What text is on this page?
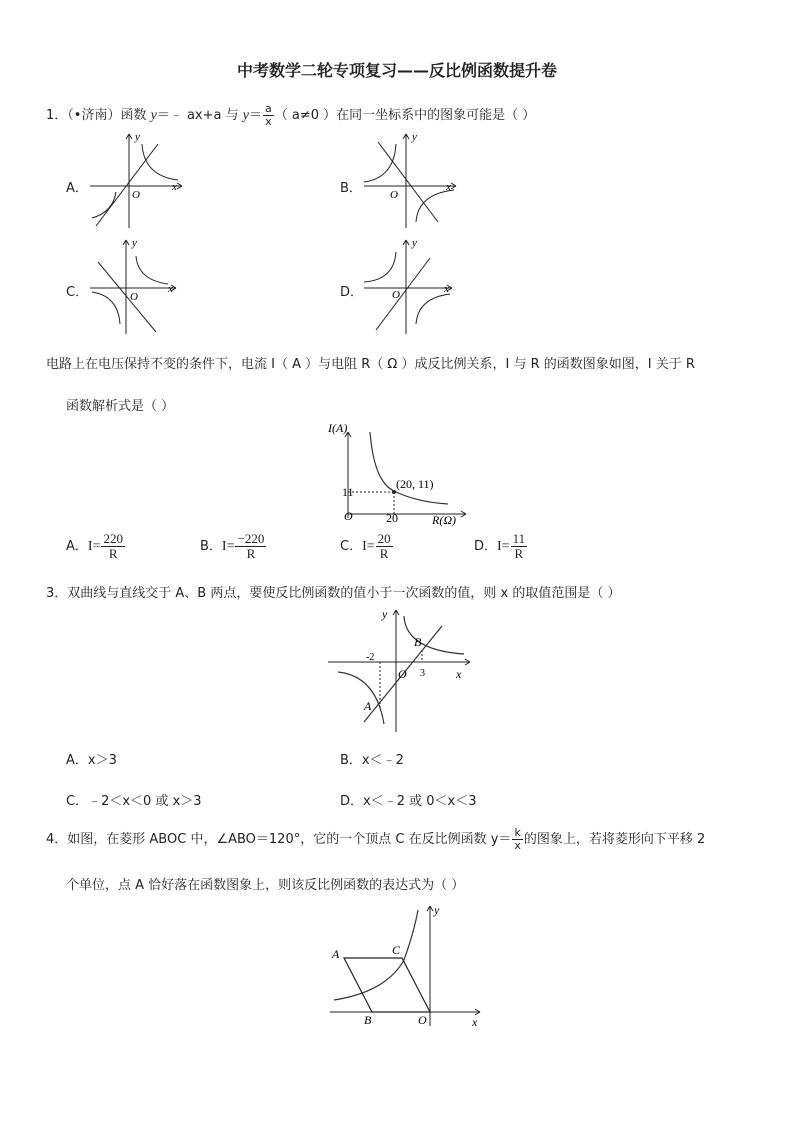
中考数学二轮专项复习——反比例函数提升卷
1．（•济南）函数 y＝﹣ ax+a 与 $y= \frac{a}{x}$ （ a≠0 ）在同一坐标系中的图象可能是（ ）
A．	B．
C．	D．
y
x
O
y
x
O
y
x
O
y
x
O
电路上在电压保持不变的条件下，电流 I（ A ）与电阻 R（ Ω ）成反比例关系，I 与 R 的函数图象如图，I 关于 R
函数解析式是（ ）
I(A)
R(Ω)
O
(20, 11)
20
11
A．$I= \frac{220}{R}$	B．$I= \frac{-220}{R}$	C．$I= \frac{20}{R}$	D．$I= \frac{11}{R}$
3．双曲线与直线交于 A、B 两点，要使反比例函数的值小于一次函数的值，则 x 的取值范围是（ ）
y
x
O
A
B
-2
3
A．x＞3	B．x＜﹣2
C．﹣2＜x＜0 或 x＞3	D．x＜﹣2 或 0＜x＜3
4．如图，在菱形 ABOC 中，∠ABO＝120°，它的一个顶点 C 在反比例函数 $y= \frac{k}{x}$ 的图象上，若将菱形向下平移 2
个单位，点 A 恰好落在函数图象上，则该反比例函数的表达式为（ ）
A	C
B	O	x
y
